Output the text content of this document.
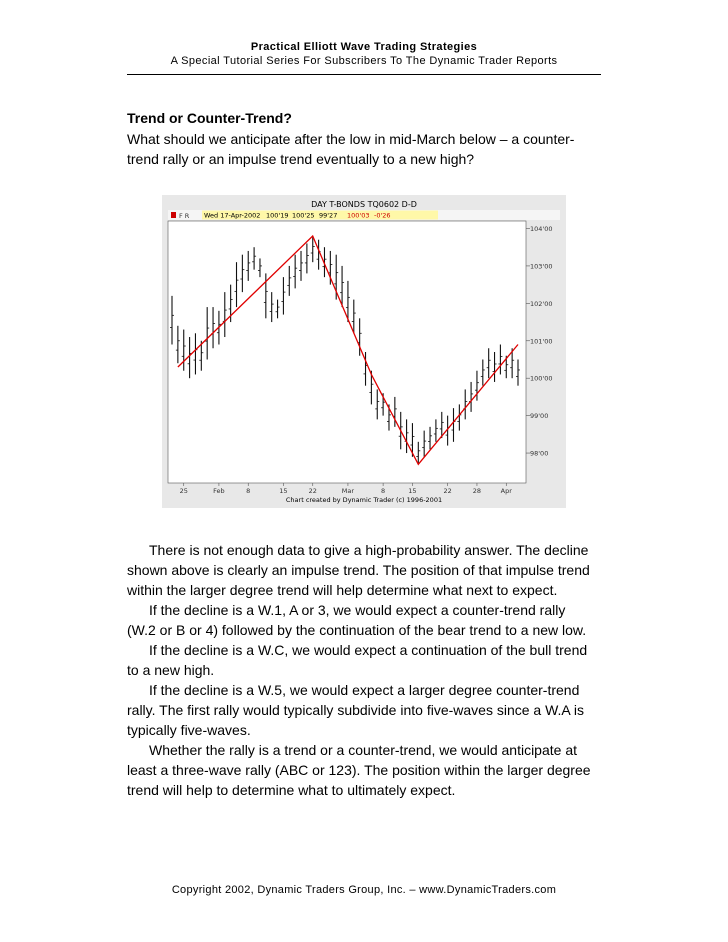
Practical Elliott Wave Trading Strategies
A Special Tutorial Series For Subscribers To The Dynamic Trader Reports
Trend or Counter-Trend?
What should we anticipate after the low in mid-March below – a counter-trend rally or an impulse trend eventually to a new high?
DAY T-BONDS TQ0602 D-D
F R Wed 17-Apr-2002 100'19 100'25 99'27 100'03 -0'26
104'00
103'00
102'00
101'00
100'00
99'00
98'00
25	Feb	8	15	22	Mar	8	15	22	28	Apr
Chart created by Dynamic Trader (c) 1996-2001

There is not enough data to give a high-probability answer. The decline shown above is clearly an impulse trend. The position of that impulse trend within the larger degree trend will help determine what next to expect.

If the decline is a W.1, A or 3, we would expect a counter-trend rally (W.2 or B or 4) followed by the continuation of the bear trend to a new low.

If the decline is a W.C, we would expect a continuation of the bull trend to a new high.

If the decline is a W.5, we would expect a larger degree counter-trend rally. The first rally would typically subdivide into five-waves since a W.A is typically five-waves.

Whether the rally is a trend or a counter-trend, we would anticipate at least a three-wave rally (ABC or 123). The position within the larger degree trend will help to determine what to ultimately expect.

Copyright 2002, Dynamic Traders Group, Inc. – www.DynamicTraders.com
